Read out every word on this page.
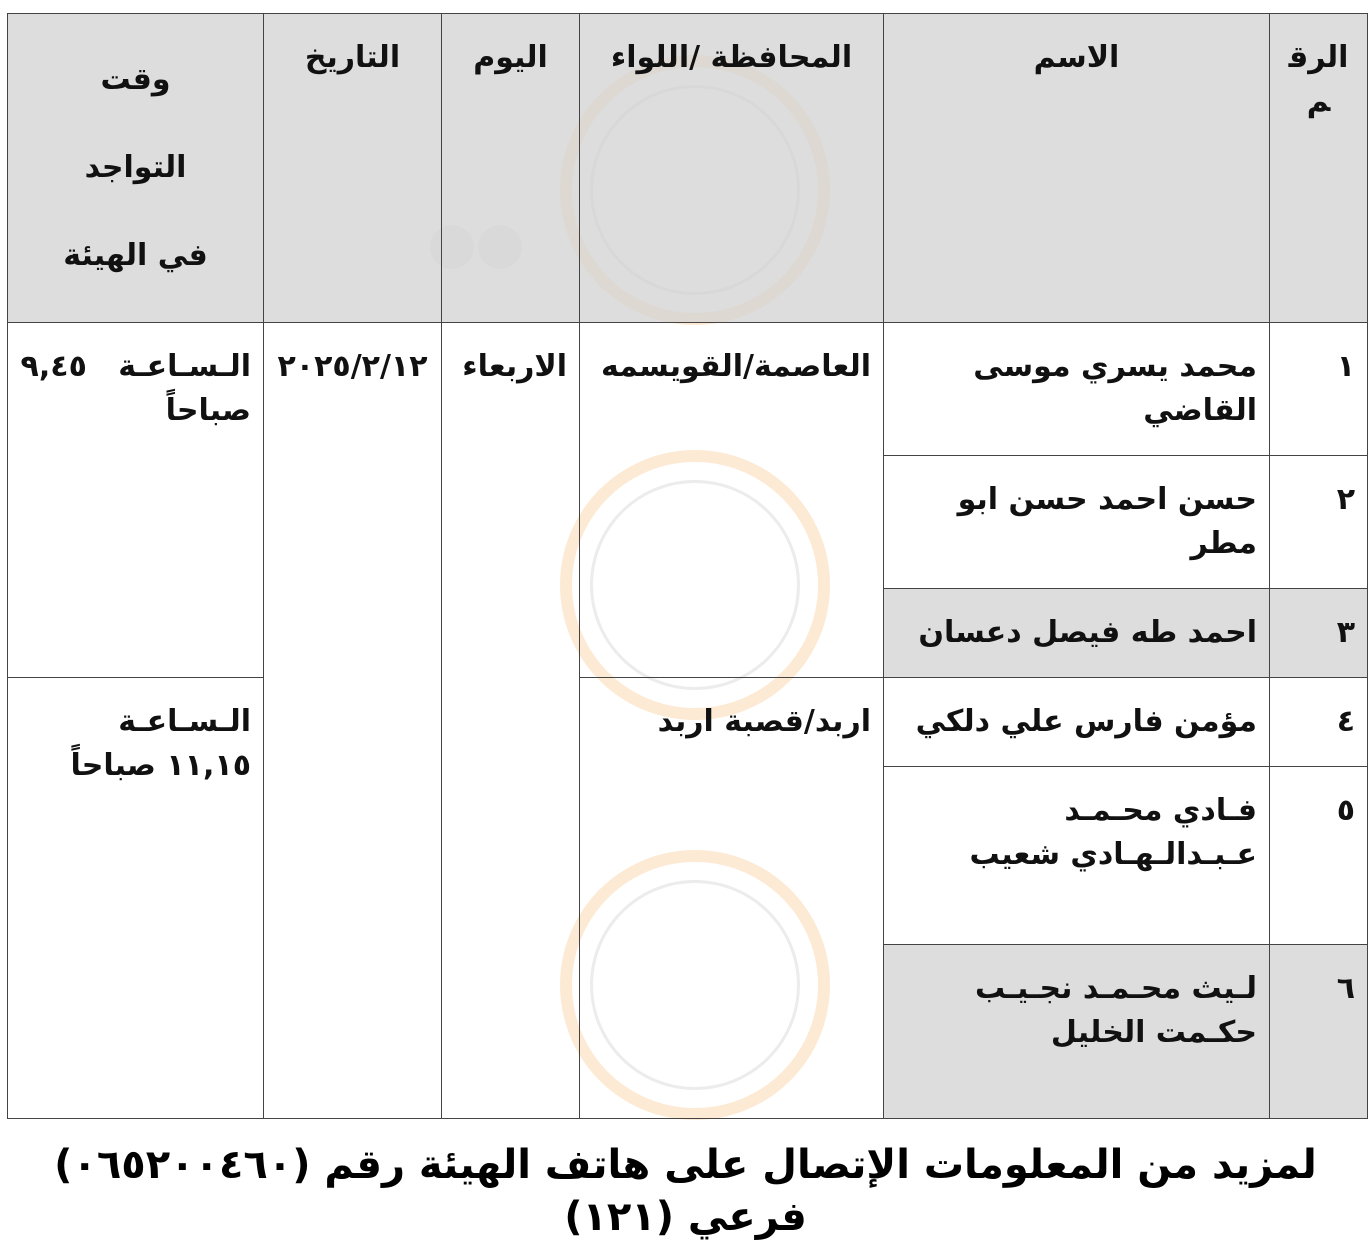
الرقم	الاسم	المحافظة /اللواء	اليوم	التاريخ	وقت التواجد في الهيئة
١	محمد يسري موسى القاضي	العاصمة/القويسمه	الاربعاء	٢٠٢٥/٢/١٢	الـسـاعـة   ٩,٤٥ صباحاً
٢	حسن احمد حسن ابو مطر				
٣	احمد طه فيصل دعسان				
٤	مؤمن فارس علي دلكي	اربد/قصبة اربد			الـسـاعـة   ١١,١٥ صباحاً
٥	فـادي محـمـد عـبـدالـهـادي شعيب				
٦	لـيث محـمـد نجـيـب حكـمت الخليل				
لمزيد من المعلومات الإتصال على هاتف الهيئة رقم (٠٦٥٢٠٠٤٦٠) فرعي (١٢١)
